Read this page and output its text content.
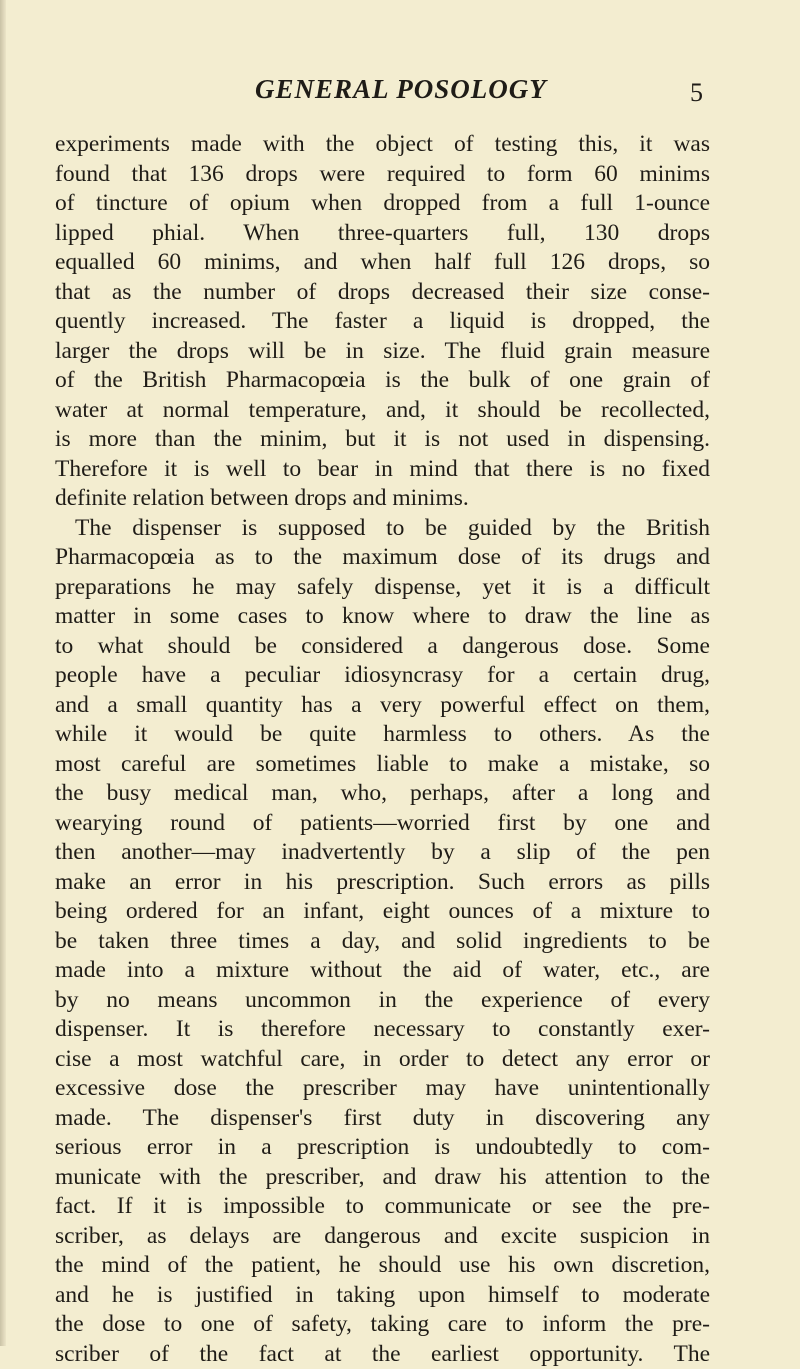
GENERAL POSOLOGY	5
experiments made with the object of testing this, it was
found that 136 drops were required to form 60 minims
of tincture of opium when dropped from a full 1-ounce
lipped phial. When three-quarters full, 130 drops
equalled 60 minims, and when half full 126 drops, so
that as the number of drops decreased their size conse-
quently increased. The faster a liquid is dropped, the
larger the drops will be in size. The fluid grain measure
of the British Pharmacopœia is the bulk of one grain of
water at normal temperature, and, it should be recollected,
is more than the minim, but it is not used in dispensing.
Therefore it is well to bear in mind that there is no fixed
definite relation between drops and minims.
The dispenser is supposed to be guided by the British
Pharmacopœia as to the maximum dose of its drugs and
preparations he may safely dispense, yet it is a difficult
matter in some cases to know where to draw the line as
to what should be considered a dangerous dose. Some
people have a peculiar idiosyncrasy for a certain drug,
and a small quantity has a very powerful effect on them,
while it would be quite harmless to others. As the
most careful are sometimes liable to make a mistake, so
the busy medical man, who, perhaps, after a long and
wearying round of patients—worried first by one and
then another—may inadvertently by a slip of the pen
make an error in his prescription. Such errors as pills
being ordered for an infant, eight ounces of a mixture to
be taken three times a day, and solid ingredients to be
made into a mixture without the aid of water, etc., are
by no means uncommon in the experience of every
dispenser. It is therefore necessary to constantly exer-
cise a most watchful care, in order to detect any error or
excessive dose the prescriber may have unintentionally
made. The dispenser's first duty in discovering any
serious error in a prescription is undoubtedly to com-
municate with the prescriber, and draw his attention to the
fact. If it is impossible to communicate or see the pre-
scriber, as delays are dangerous and excite suspicion in
the mind of the patient, he should use his own discretion,
and he is justified in taking upon himself to moderate
the dose to one of safety, taking care to inform the pre-
scriber of the fact at the earliest opportunity. The
